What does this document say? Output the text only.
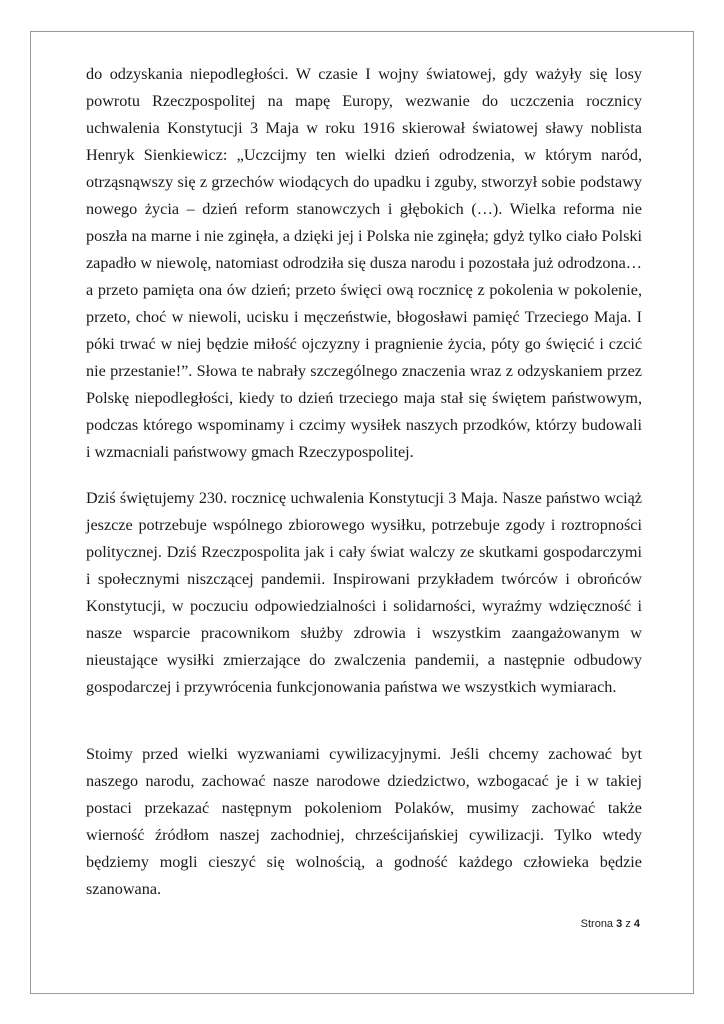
do odzyskania niepodległości. W czasie I wojny światowej, gdy ważyły się losy powrotu Rzeczpospolitej na mapę Europy, wezwanie do uczczenia rocznicy uchwalenia Konstytucji 3 Maja w roku 1916 skierował światowej sławy noblista Henryk Sienkiewicz: „Uczcijmy ten wielki dzień odrodzenia, w którym naród, otrząsnąwszy się z grzechów wiodących do upadku i zguby, stworzył sobie podstawy nowego życia – dzień reform stanowczych i głębokich (…). Wielka reforma nie poszła na marne i nie zginęła, a dzięki jej i Polska nie zginęła; gdyż tylko ciało Polski zapadło w niewolę, natomiast odrodziła się dusza narodu i pozostała już odrodzona… a przeto pamięta ona ów dzień; przeto święci ową rocznicę z pokolenia w pokolenie, przeto, choć w niewoli, ucisku i męczeństwie, błogosławi pamięć Trzeciego Maja. I póki trwać w niej będzie miłość ojczyzny i pragnienie życia, póty go święcić i czcić nie przestanie!”. Słowa te nabrały szczególnego znaczenia wraz z odzyskaniem przez Polskę niepodległości, kiedy to dzień trzeciego maja stał się świętem państwowym, podczas którego wspominamy i czcimy wysiłek naszych przodków, którzy budowali i wzmacniali państwowy gmach Rzeczypospolitej.

Dziś świętujemy 230. rocznicę uchwalenia Konstytucji 3 Maja. Nasze państwo wciąż jeszcze potrzebuje wspólnego zbiorowego wysiłku, potrzebuje zgody i roztropności politycznej. Dziś Rzeczpospolita jak i cały świat walczy ze skutkami gospodarczymi i społecznymi niszczącej pandemii. Inspirowani przykładem twórców i obrońców Konstytucji, w poczuciu odpowiedzialności i solidarności, wyraźmy wdzięczność i nasze wsparcie pracownikom służby zdrowia i wszystkim zaangażowanym w nieustające wysiłki zmierzające do zwalczenia pandemii, a następnie odbudowy gospodarczej i przywrócenia funkcjonowania państwa we wszystkich wymiarach.

Stoimy przed wielki wyzwaniami cywilizacyjnymi. Jeśli chcemy zachować byt naszego narodu, zachować nasze narodowe dziedzictwo, wzbogacać je i w takiej postaci przekazać następnym pokoleniom Polaków, musimy zachować także wierność źródłom naszej zachodniej, chrześcijańskiej cywilizacji. Tylko wtedy będziemy mogli cieszyć się wolnością, a godność każdego człowieka będzie szanowana.

Strona 3 z 4
